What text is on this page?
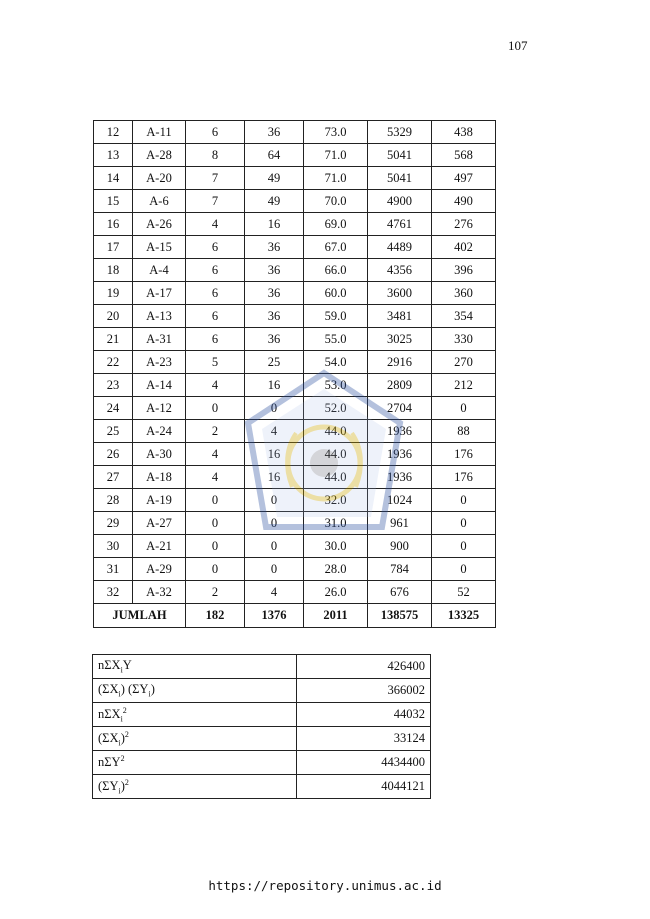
107
12	A-11	6	36	73.0	5329	438
13	A-28	8	64	71.0	5041	568
14	A-20	7	49	71.0	5041	497
15	A-6	7	49	70.0	4900	490
16	A-26	4	16	69.0	4761	276
17	A-15	6	36	67.0	4489	402
18	A-4	6	36	66.0	4356	396
19	A-17	6	36	60.0	3600	360
20	A-13	6	36	59.0	3481	354
21	A-31	6	36	55.0	3025	330
22	A-23	5	25	54.0	2916	270
23	A-14	4	16	53.0	2809	212
24	A-12	0	0	52.0	2704	0
25	A-24	2	4	44.0	1936	88
26	A-30	4	16	44.0	1936	176
27	A-18	4	16	44.0	1936	176
28	A-19	0	0	32.0	1024	0
29	A-27	0	0	31.0	961	0
30	A-21	0	0	30.0	900	0
31	A-29	0	0	28.0	784	0
32	A-32	2	4	26.0	676	52
JUMLAH		182	1376	2011	138575	13325
nΣX$_i$Y	426400
$(\Sigma X_i)$ $(\Sigma Y_i)$	366002
nΣX$_i^2$	44032
$(\Sigma X_i)^2$	33124
nΣY$^2$	4434400
$(\Sigma Y_i)^2$	4044121
https://repository.unimus.ac.id
